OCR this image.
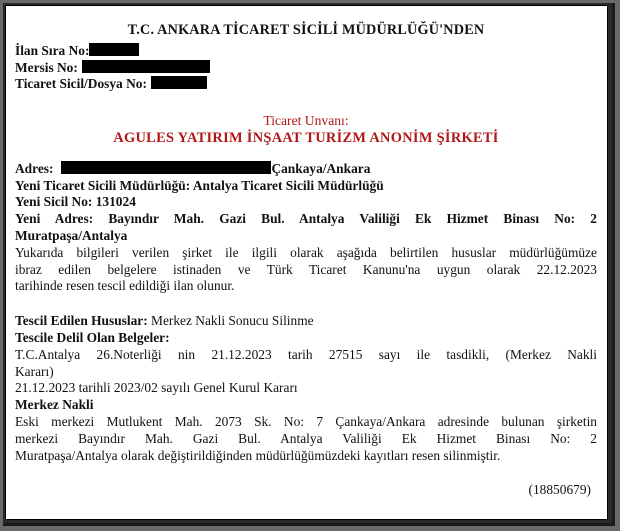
T.C. ANKARA TİCARET SİCİLİ MÜDÜRLÜĞÜ'NDEN
İlan Sıra No:
Mersis No:
Ticaret Sicil/Dosya No:
Ticaret Unvanı:
AGULES YATIRIM İNŞAAT TURİZM ANONİM ŞİRKETİ
Adres:	Çankaya/Ankara
Yeni Ticaret Sicili Müdürlüğü: Antalya Ticaret Sicili Müdürlüğü
Yeni Sicil No: 131024
Yeni Adres: Bayındır Mah. Gazi Bul. Antalya Valiliği Ek Hizmet Binası No: 2
Muratpaşa/Antalya
Yukarıda bilgileri verilen şirket ile ilgili olarak aşağıda belirtilen hususlar müdürlüğümüze
ibraz edilen belgelere istinaden ve Türk Ticaret Kanunu'na uygun olarak 22.12.2023
tarihinde resen tescil edildiği ilan olunur.
Tescil Edilen Hususlar: Merkez Nakli Sonucu Silinme
Tescile Delil Olan Belgeler:
T.C.Antalya 26.Noterliği nin 21.12.2023 tarih 27515 sayı ile tasdikli, (Merkez Nakli
Kararı)
21.12.2023 tarihli 2023/02 sayılı Genel Kurul Kararı
Merkez Nakli
Eski merkezi Mutlukent Mah. 2073 Sk. No: 7 Çankaya/Ankara adresinde bulunan şirketin
merkezi Bayındır Mah. Gazi Bul. Antalya Valiliği Ek Hizmet Binası No: 2
Muratpaşa/Antalya olarak değiştirildiğinden müdürlüğümüzdeki kayıtları resen silinmiştir.
(18850679)
